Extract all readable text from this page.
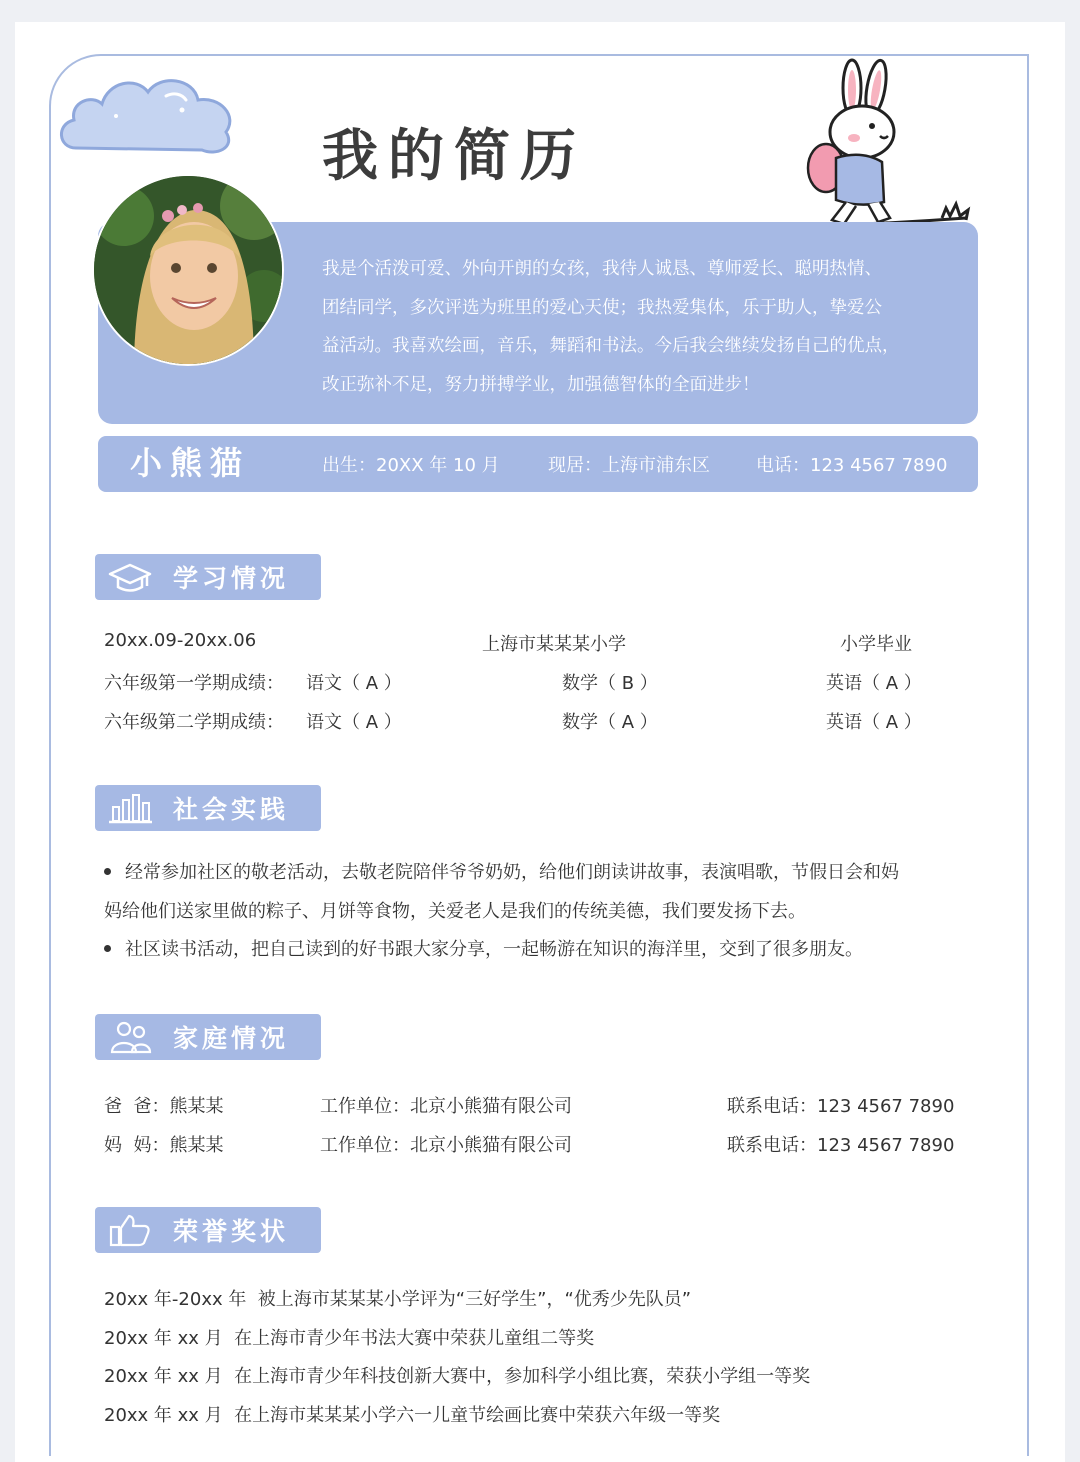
我的简历
我是个活泼可爱、外向开朗的女孩，我待人诚恳、尊师爱长、聪明热情、
团结同学，多次评选为班里的爱心天使；我热爱集体，乐于助人，挚爱公
益活动。我喜欢绘画，音乐，舞蹈和书法。今后我会继续发扬自己的优点，
改正弥补不足，努力拼搏学业，加强德智体的全面进步！
小熊猫	出生：20XX 年 10 月	现居：上海市浦东区	电话：123 4567 7890
学习情况
20xx.09-20xx.06	上海市某某某小学	小学毕业
六年级第一学期成绩： 语文（ A ）	数学（ B ）	英语（ A ）
六年级第二学期成绩： 语文（ A ）	数学（ A ）	英语（ A ）
社会实践
经常参加社区的敬老活动，去敬老院陪伴爷爷奶奶，给他们朗读讲故事，表演唱歌，节假日会和妈
妈给他们送家里做的粽子、月饼等食物，关爱老人是我们的传统美德，我们要发扬下去。
社区读书活动，把自己读到的好书跟大家分享，一起畅游在知识的海洋里，交到了很多朋友。
家庭情况
爸  爸：熊某某	工作单位：北京小熊猫有限公司	联系电话：123 4567 7890
妈  妈：熊某某	工作单位：北京小熊猫有限公司	联系电话：123 4567 7890
荣誉奖状
20xx 年-20xx 年  被上海市某某某小学评为“三好学生”，“优秀少先队员”
20xx 年 xx 月  在上海市青少年书法大赛中荣获儿童组二等奖
20xx 年 xx 月  在上海市青少年科技创新大赛中，参加科学小组比赛，荣获小学组一等奖
20xx 年 xx 月  在上海市某某某小学六一儿童节绘画比赛中荣获六年级一等奖
